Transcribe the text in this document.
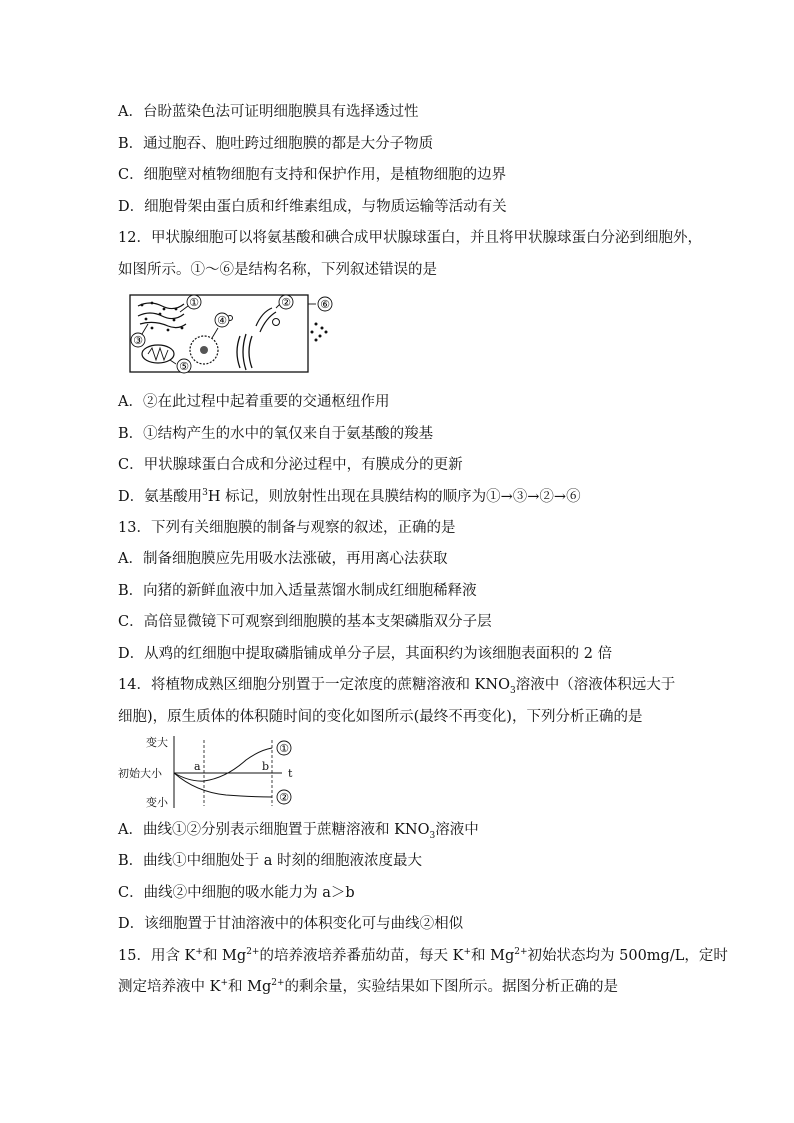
A．台盼蓝染色法可证明细胞膜具有选择透过性
B．通过胞吞、胞吐跨过细胞膜的都是大分子物质
C．细胞壁对植物细胞有支持和保护作用，是植物细胞的边界
D．细胞骨架由蛋白质和纤维素组成，与物质运输等活动有关
12．甲状腺细胞可以将氨基酸和碘合成甲状腺球蛋白，并且将甲状腺球蛋白分泌到细胞外，
如图所示。①～⑥是结构名称，下列叙述错误的是
①	②
③
④
⑤
⑥
A．②在此过程中起着重要的交通枢纽作用
B．①结构产生的水中的氧仅来自于氨基酸的羧基
C．甲状腺球蛋白合成和分泌过程中，有膜成分的更新
D．氨基酸用$^3$H 标记，则放射性出现在具膜结构的顺序为①→③→②→⑥
13．下列有关细胞膜的制备与观察的叙述，正确的是
A．制备细胞膜应先用吸水法涨破，再用离心法获取
B．向猪的新鲜血液中加入适量蒸馏水制成红细胞稀释液
C．高倍显微镜下可观察到细胞膜的基本支架磷脂双分子层
D．从鸡的红细胞中提取磷脂铺成单分子层，其面积约为该细胞表面积的 2 倍
14．将植物成熟区细胞分别置于一定浓度的蔗糖溶液和 $KNO_3$溶液中（溶液体积远大于
细胞)，原生质体的体积随时间的变化如图所示(最终不再变化)，下列分析正确的是
变大
初始大小
变小
a	b
t
①
②
A．曲线①②分别表示细胞置于蔗糖溶液和 $KNO_3$溶液中
B．曲线①中细胞处于 a 时刻的细胞液浓度最大
C．曲线②中细胞的吸水能力为 a＞b
D．该细胞置于甘油溶液中的体积变化可与曲线②相似
15．用含 K+和 $Mg^{2+}$的培养液培养番茄幼苗，每天 K+和 $Mg^{2+}$初始状态均为 500mg/L，定时
测定培养液中 K+和 $Mg^{2+}$的剩余量，实验结果如下图所示。据图分析正确的是
